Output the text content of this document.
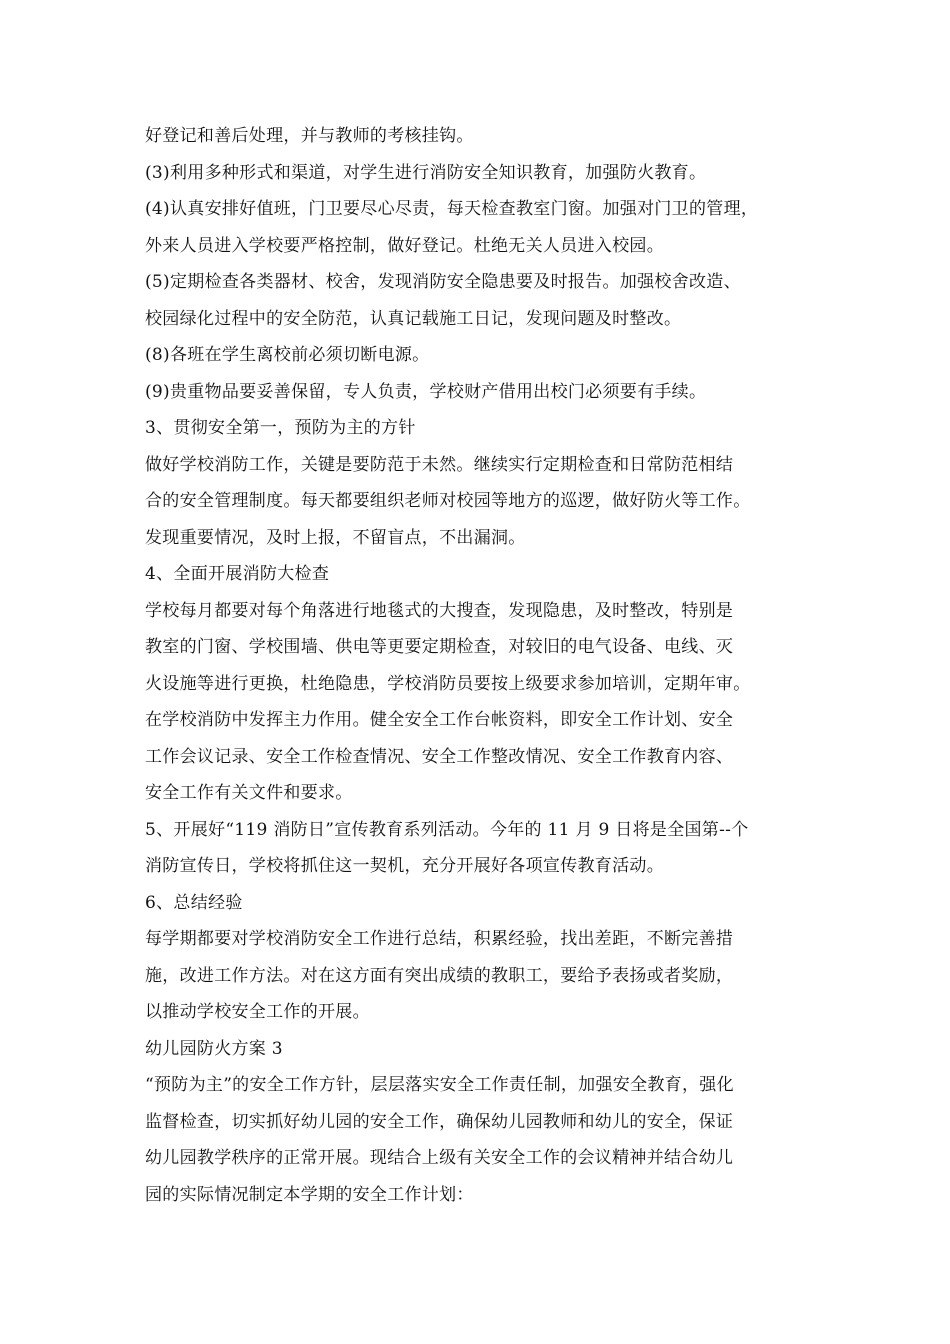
好登记和善后处理，并与教师的考核挂钩。
(3)利用多种形式和渠道，对学生进行消防安全知识教育，加强防火教育。
(4)认真安排好值班，门卫要尽心尽责，每天检查教室门窗。加强对门卫的管理，
外来人员进入学校要严格控制，做好登记。杜绝无关人员进入校园。
(5)定期检查各类器材、校舍，发现消防安全隐患要及时报告。加强校舍改造、
校园绿化过程中的安全防范，认真记载施工日记，发现问题及时整改。
(8)各班在学生离校前必须切断电源。
(9)贵重物品要妥善保留，专人负责，学校财产借用出校门必须要有手续。
3、贯彻安全第一，预防为主的方针
做好学校消防工作，关键是要防范于未然。继续实行定期检查和日常防范相结
合的安全管理制度。每天都要组织老师对校园等地方的巡逻，做好防火等工作。
发现重要情况，及时上报，不留盲点，不出漏洞。
4、全面开展消防大检查
学校每月都要对每个角落进行地毯式的大搜查，发现隐患，及时整改，特别是
教室的门窗、学校围墙、供电等更要定期检查，对较旧的电气设备、电线、灭
火设施等进行更换，杜绝隐患，学校消防员要按上级要求参加培训，定期年审。
在学校消防中发挥主力作用。健全安全工作台帐资料，即安全工作计划、安全
工作会议记录、安全工作检查情况、安全工作整改情况、安全工作教育内容、
安全工作有关文件和要求。
5、开展好“119 消防日”宣传教育系列活动。今年的 11 月 9 日将是全国第--个
消防宣传日，学校将抓住这一契机，充分开展好各项宣传教育活动。
6、总结经验
每学期都要对学校消防安全工作进行总结，积累经验，找出差距，不断完善措
施，改进工作方法。对在这方面有突出成绩的教职工，要给予表扬或者奖励，
以推动学校安全工作的开展。
幼儿园防火方案 3
“预防为主”的安全工作方针，层层落实安全工作责任制，加强安全教育，强化
监督检查，切实抓好幼儿园的安全工作，确保幼儿园教师和幼儿的安全，保证
幼儿园教学秩序的正常开展。现结合上级有关安全工作的会议精神并结合幼儿
园的实际情况制定本学期的安全工作计划：
